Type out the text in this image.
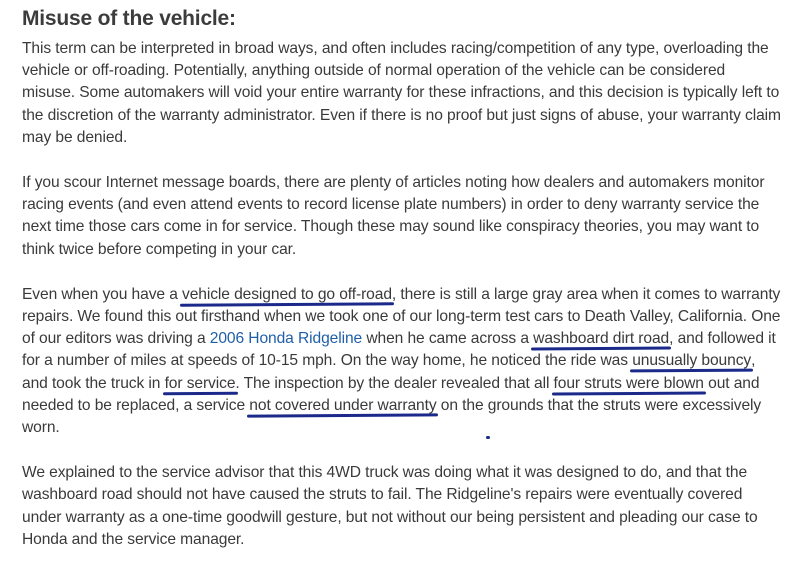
Misuse of the vehicle:

This term can be interpreted in broad ways, and often includes racing/competition of any type, overloading the vehicle or off-roading. Potentially, anything outside of normal operation of the vehicle can be considered misuse. Some automakers will void your entire warranty for these infractions, and this decision is typically left to the discretion of the warranty administrator. Even if there is no proof but just signs of abuse, your warranty claim may be denied.

If you scour Internet message boards, there are plenty of articles noting how dealers and automakers monitor racing events (and even attend events to record license plate numbers) in order to deny warranty service the next time those cars come in for service. Though these may sound like conspiracy theories, you may want to think twice before competing in your car.

Even when you have a vehicle designed to go off-road, there is still a large gray area when it comes to warranty repairs. We found this out firsthand when we took one of our long-term test cars to Death Valley, California. One of our editors was driving a 2006 Honda Ridgeline when he came across a washboard dirt road, and followed it for a number of miles at speeds of 10-15 mph. On the way home, he noticed the ride was unusually bouncy, and took the truck in for service. The inspection by the dealer revealed that all four struts were blown out and needed to be replaced, a service not covered under warranty on the grounds that the struts were excessively worn.

We explained to the service advisor that this 4WD truck was doing what it was designed to do, and that the washboard road should not have caused the struts to fail. The Ridgeline's repairs were eventually covered under warranty as a one-time goodwill gesture, but not without our being persistent and pleading our case to Honda and the service manager.
